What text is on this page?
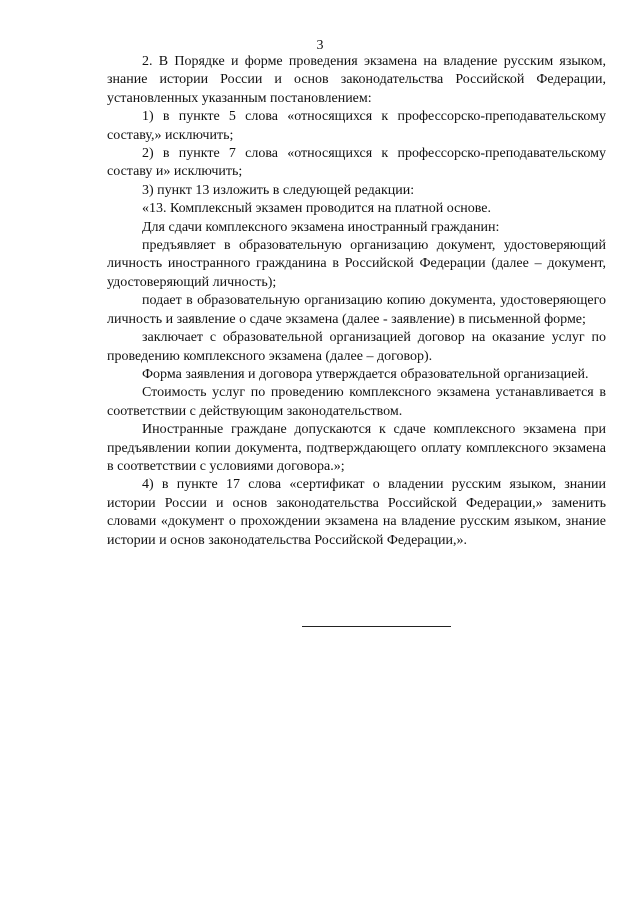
3

2. В Порядке и форме проведения экзамена на владение русским языком, знание истории России и основ законодательства Российской Федерации, установленных указанным постановлением:

1) в пункте 5 слова «относящихся к профессорско-преподавательскому составу,» исключить;

2) в пункте 7 слова «относящихся к профессорско-преподавательскому составу и» исключить;

3) пункт 13 изложить в следующей редакции:

«13. Комплексный экзамен проводится на платной основе.

Для сдачи комплексного экзамена иностранный гражданин:

предъявляет в образовательную организацию документ, удостоверяющий личность иностранного гражданина в Российской Федерации (далее – документ, удостоверяющий личность);

подает в образовательную организацию копию документа, удостоверяющего личность и заявление о сдаче экзамена (далее - заявление) в письменной форме;

заключает с образовательной организацией договор на оказание услуг по проведению комплексного экзамена (далее – договор).

Форма заявления и договора утверждается образовательной организацией.

Стоимость услуг по проведению комплексного экзамена устанавливается в соответствии с действующим законодательством.

Иностранные граждане допускаются к сдаче комплексного экзамена при предъявлении копии документа, подтверждающего оплату комплексного экзамена в соответствии с условиями договора.»;

4) в пункте 17 слова «сертификат о владении русским языком, знании истории России и основ законодательства Российской Федерации,» заменить словами «документ о прохождении экзамена на владение русским языком, знание истории и основ законодательства Российской Федерации,».
